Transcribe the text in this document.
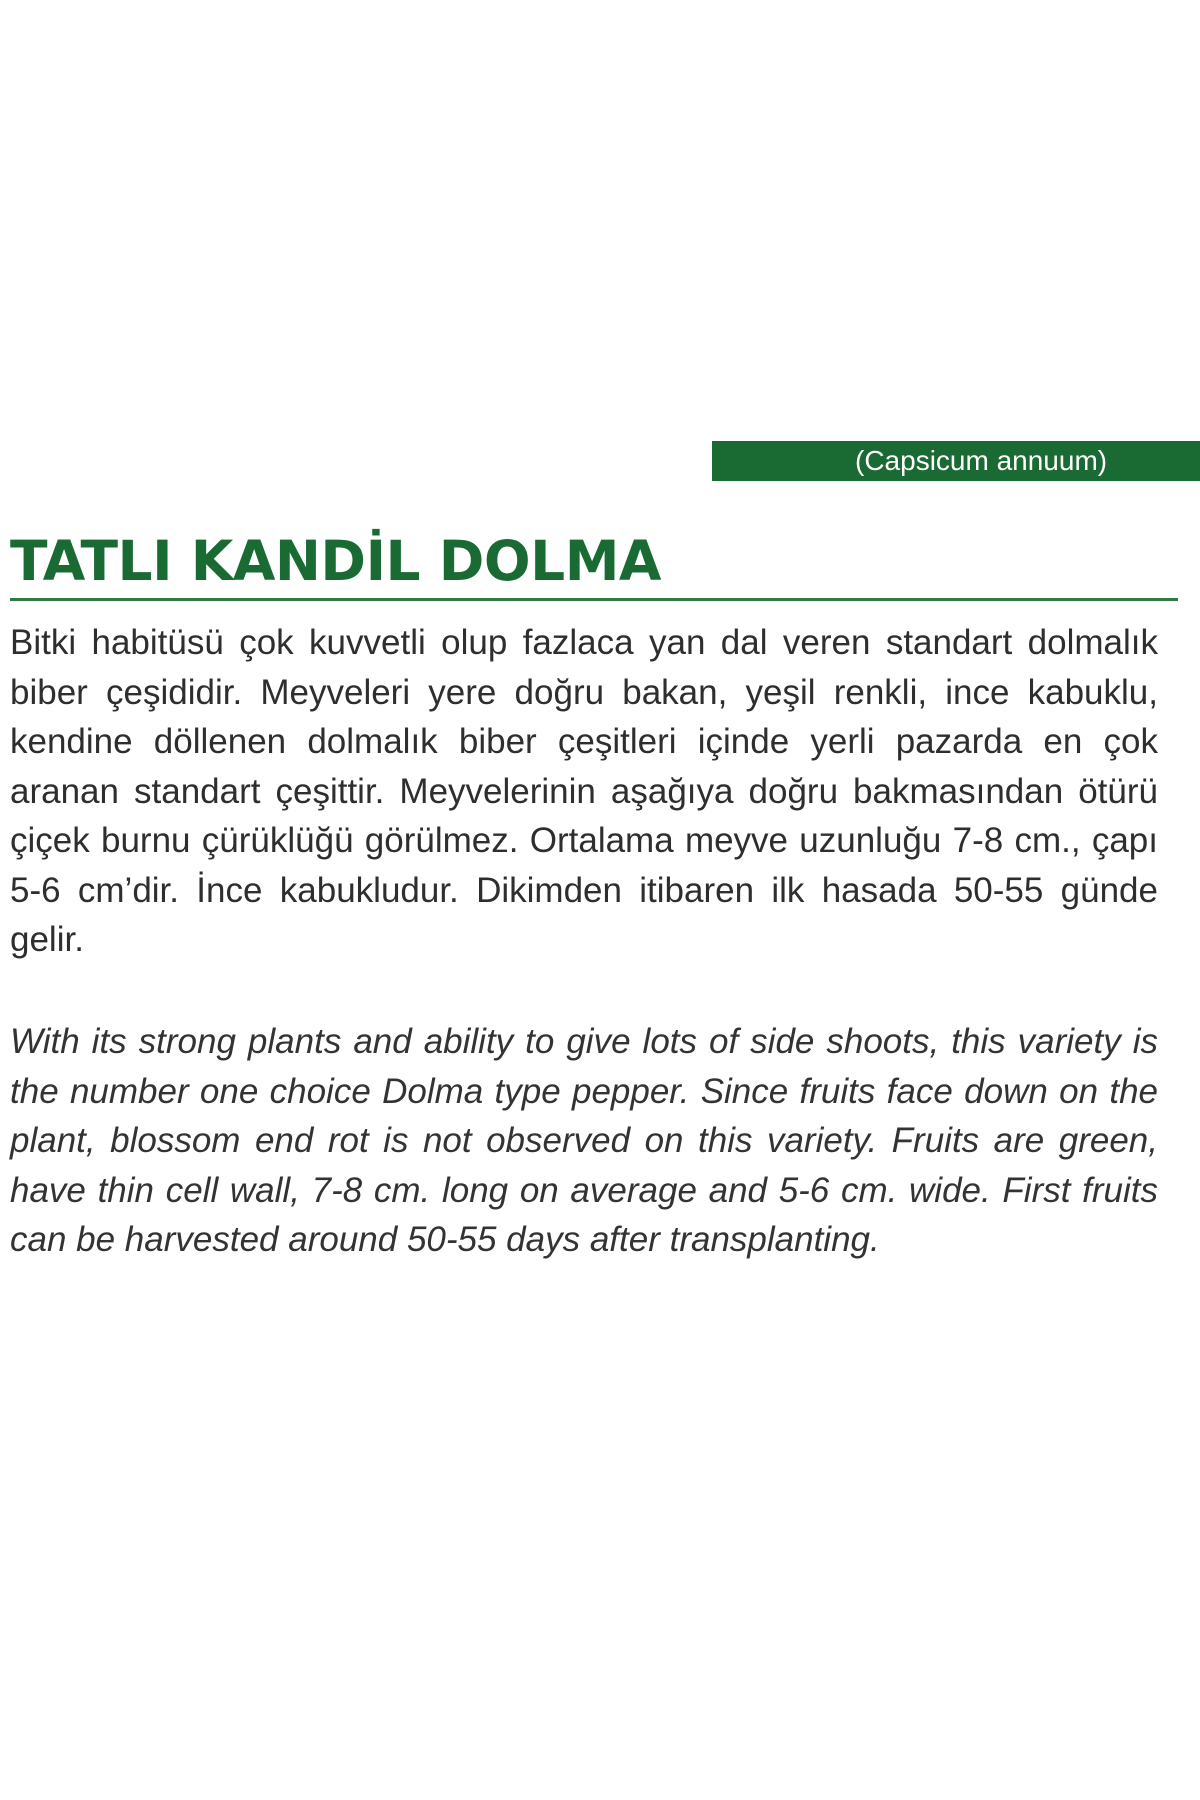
(Capsicum annuum)
TATLI KANDİL DOLMA

Bitki habitüsü çok kuvvetli olup fazlaca yan dal veren standart dolmalık biber çeşididir. Meyveleri yere doğru bakan, yeşil renkli, ince kabuklu, kendine döllenen dolmalık biber çeşitleri içinde yerli pazarda en çok aranan standart çeşittir. Meyvelerinin aşağıya doğru bakmasından ötürü çiçek burnu çürüklüğü görülmez. Ortalama meyve uzunluğu 7-8 cm., çapı 5-6 cm’dir. İnce kabukludur. Dikimden itibaren ilk hasada 50-55 günde gelir.

With its strong plants and ability to give lots of side shoots, this variety is the number one choice Dolma type pepper. Since fruits face down on the plant, blossom end rot is not observed on this variety. Fruits are green, have thin cell wall, 7-8 cm. long on average and 5-6 cm. wide. First fruits can be harvested around 50-55 days after transplanting.
